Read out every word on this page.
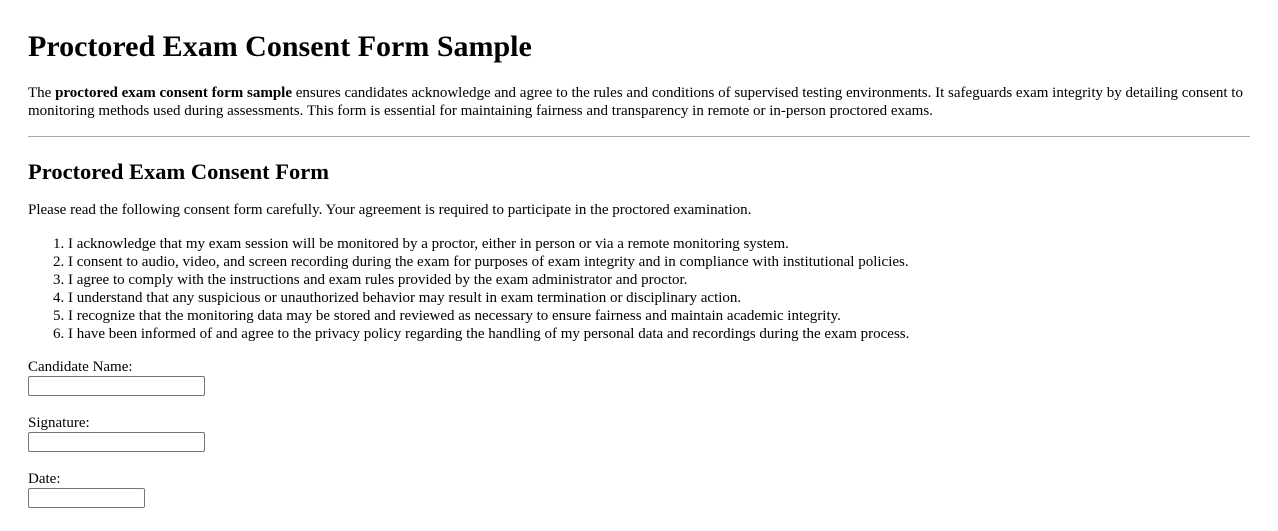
Proctored Exam Consent Form Sample

The proctored exam consent form sample ensures candidates acknowledge and agree to the rules and conditions of supervised testing environments. It safeguards exam integrity by detailing consent to monitoring methods used during assessments. This form is essential for maintaining fairness and transparency in remote or in-person proctored exams.

Proctored Exam Consent Form

Please read the following consent form carefully. Your agreement is required to participate in the proctored examination.

1. I acknowledge that my exam session will be monitored by a proctor, either in person or via a remote monitoring system.
2. I consent to audio, video, and screen recording during the exam for purposes of exam integrity and in compliance with institutional policies.
3. I agree to comply with the instructions and exam rules provided by the exam administrator and proctor.
4. I understand that any suspicious or unauthorized behavior may result in exam termination or disciplinary action.
5. I recognize that the monitoring data may be stored and reviewed as necessary to ensure fairness and maintain academic integrity.
6. I have been informed of and agree to the privacy policy regarding the handling of my personal data and recordings during the exam process.
Candidate Name:
Signature:
Date:
